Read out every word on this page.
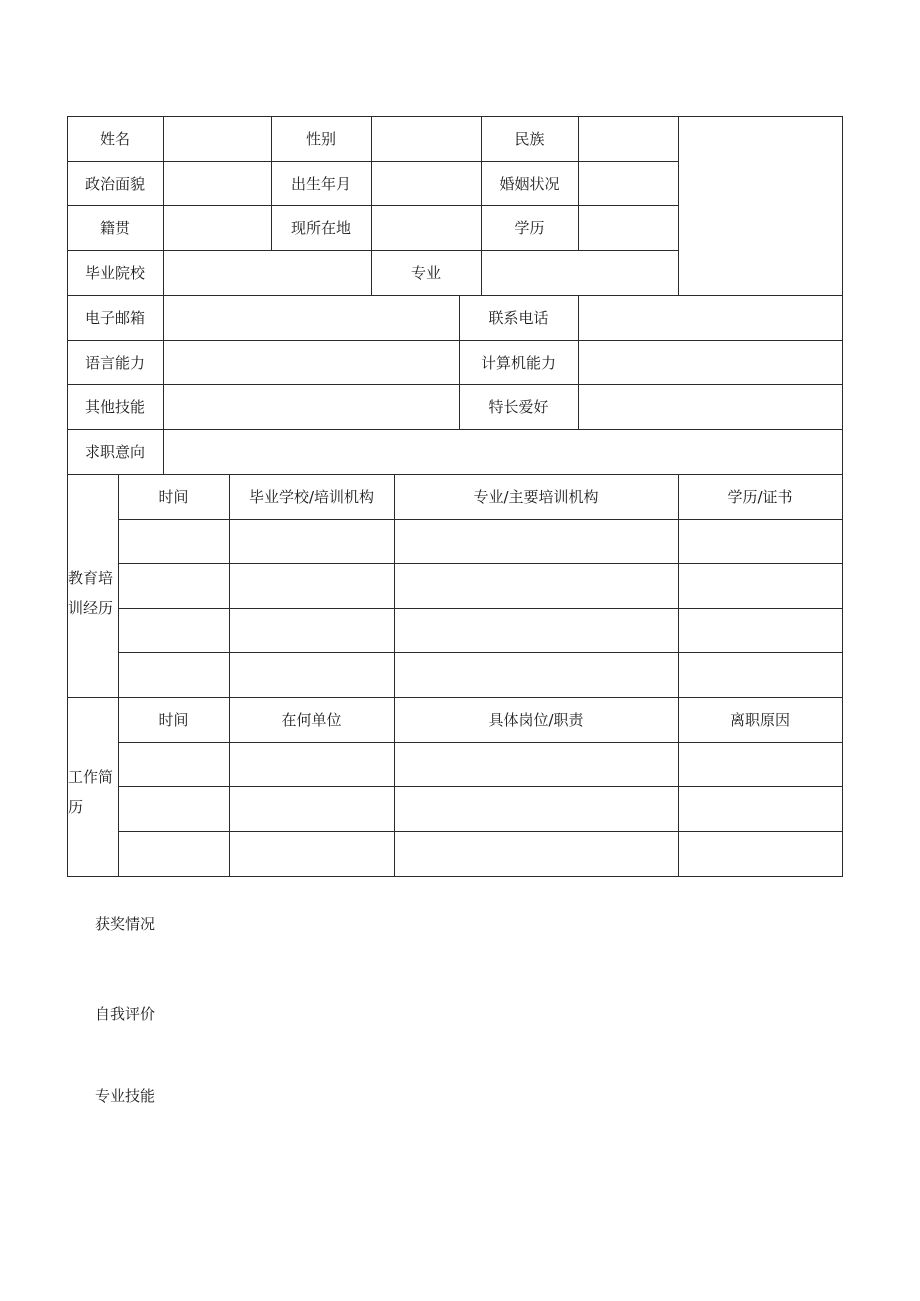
姓名	性别	民族
政治面貌	出生年月	婚姻状况
籍贯	现所在地	学历
毕业院校	专业
电子邮箱	联系电话
语言能力	计算机能力
其他技能	特长爱好
求职意向
教育培训经历
时间	毕业学校/培训机构	专业/主要培训机构	学历/证书
工作简历
时间	在何单位	具体岗位/职责	离职原因
获奖情况
自我评价
专业技能
